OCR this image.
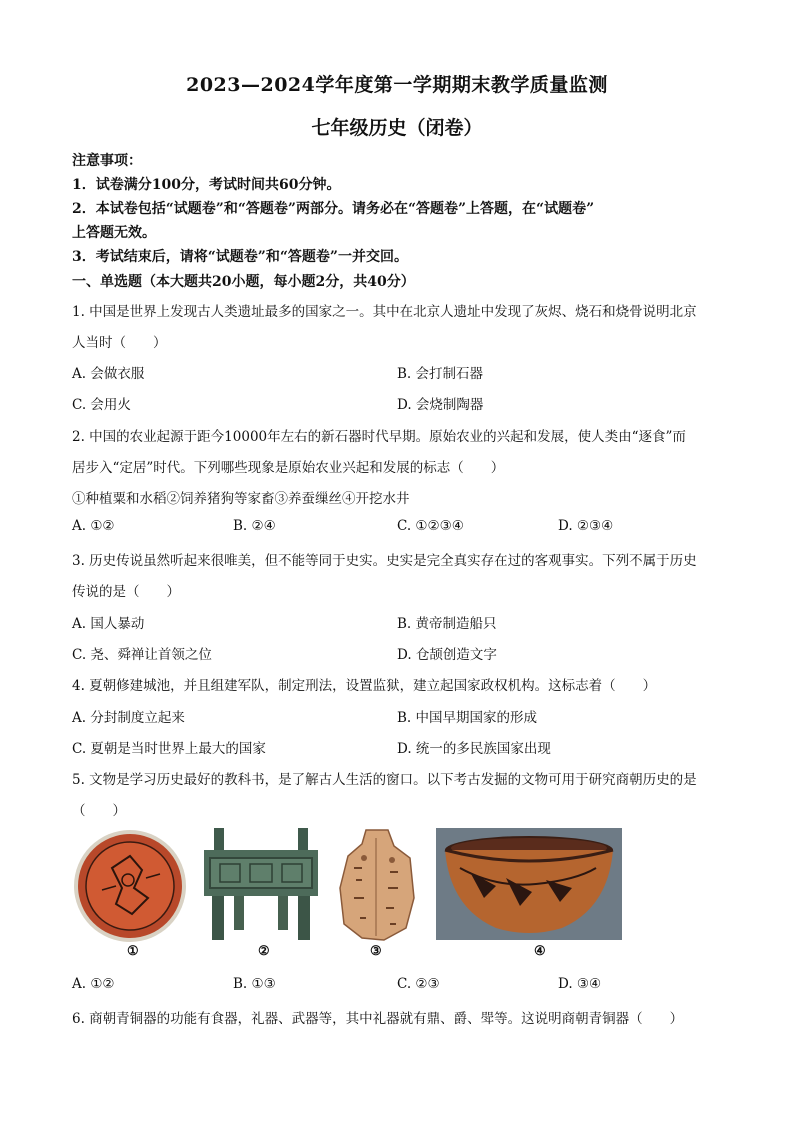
2023—2024学年度第一学期期末教学质量监测
七年级历史（闭卷）
注意事项：
1．试卷满分100分，考试时间共60分钟。
2．本试卷包括“试题卷”和“答题卷”两部分。请务必在“答题卷”上答题，在“试题卷”
上答题无效。
3．考试结束后，请将“试题卷”和“答题卷”一并交回。
一、单选题（本大题共20小题，每小题2分，共40分）
1. 中国是世界上发现古人类遗址最多的国家之一。其中在北京人遗址中发现了灰烬、烧石和烧骨说明北京
人当时（　　）
A. 会做衣服	B. 会打制石器
C. 会用火	D. 会烧制陶器
2. 中国的农业起源于距今10000年左右的新石器时代早期。原始农业的兴起和发展，使人类由“逐食”而
居步入“定居”时代。下列哪些现象是原始农业兴起和发展的标志（　　）
①种植粟和水稻②饲养猪狗等家畜③养蚕缫丝④开挖水井
A. ①②	B. ②④	C. ①②③④	D. ②③④
3. 历史传说虽然听起来很唯美，但不能等同于史实。史实是完全真实存在过的客观事实。下列不属于历史
传说的是（　　）
A. 国人暴动	B. 黄帝制造船只
C. 尧、舜禅让首领之位	D. 仓颉创造文字
4. 夏朝修建城池，并且组建军队，制定刑法，设置监狱，建立起国家政权机构。这标志着（　　）
A. 分封制度立起来	B. 中国早期国家的形成
C. 夏朝是当时世界上最大的国家	D. 统一的多民族国家出现
5. 文物是学习历史最好的教科书，是了解古人生活的窗口。以下考古发掘的文物可用于研究商朝历史的是
（　　）
①	②	③	④
A. ①②	B. ①③	C. ②③	D. ③④
6. 商朝青铜器的功能有食器，礼器、武器等，其中礼器就有鼎、爵、斝等。这说明商朝青铜器（　　）
